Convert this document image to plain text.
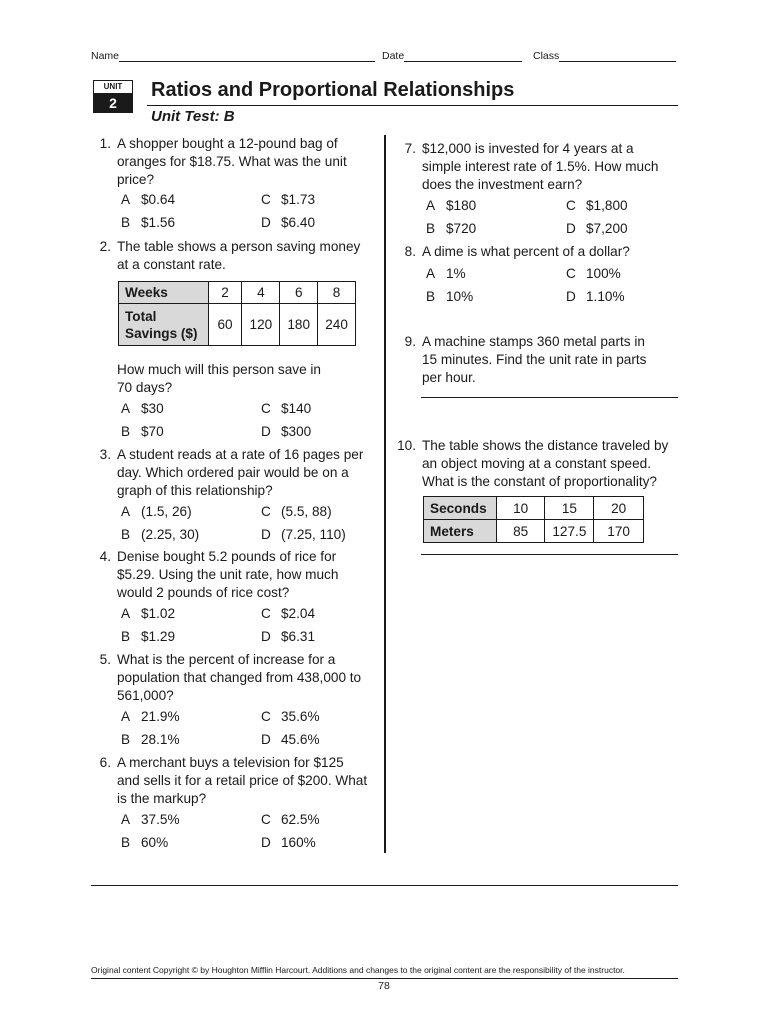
Name	Date	Class
UNIT
2
Ratios and Proportional Relationships
Unit Test: B
1. A shopper bought a 12-pound bag of
oranges for $18.75. What was the unit
price?
A $0.64	C $1.73
B $1.56	D $6.40
2. The table shows a person saving money
at a constant rate.
Weeks	2	4	6	8
Total
Savings ($)	60	120	180	240
How much will this person save in
70 days?
A $30	C $140
B $70	D $300
3. A student reads at a rate of 16 pages per
day. Which ordered pair would be on a
graph of this relationship?
A (1.5, 26)	C (5.5, 88)
B (2.25, 30)	D (7.25, 110)
4. Denise bought 5.2 pounds of rice for
$5.29. Using the unit rate, how much
would 2 pounds of rice cost?
A $1.02	C $2.04
B $1.29	D $6.31
5. What is the percent of increase for a
population that changed from 438,000 to
561,000?
A 21.9%	C 35.6%
B 28.1%	D 45.6%
6. A merchant buys a television for $125
and sells it for a retail price of $200. What
is the markup?
A 37.5%	C 62.5%
B 60%	D 160%
7. $12,000 is invested for 4 years at a
simple interest rate of 1.5%. How much
does the investment earn?
A $180	C $1,800
B $720	D $7,200
8. A dime is what percent of a dollar?
A 1%	C 100%
B 10%	D 1.10%
9. A machine stamps 360 metal parts in
15 minutes. Find the unit rate in parts
per hour.
10. The table shows the distance traveled by
an object moving at a constant speed.
What is the constant of proportionality?
Seconds	10	15	20
Meters	85	127.5	170
Original content Copyright © by Houghton Mifflin Harcourt. Additions and changes to the original content are the responsibility of the instructor.
78
